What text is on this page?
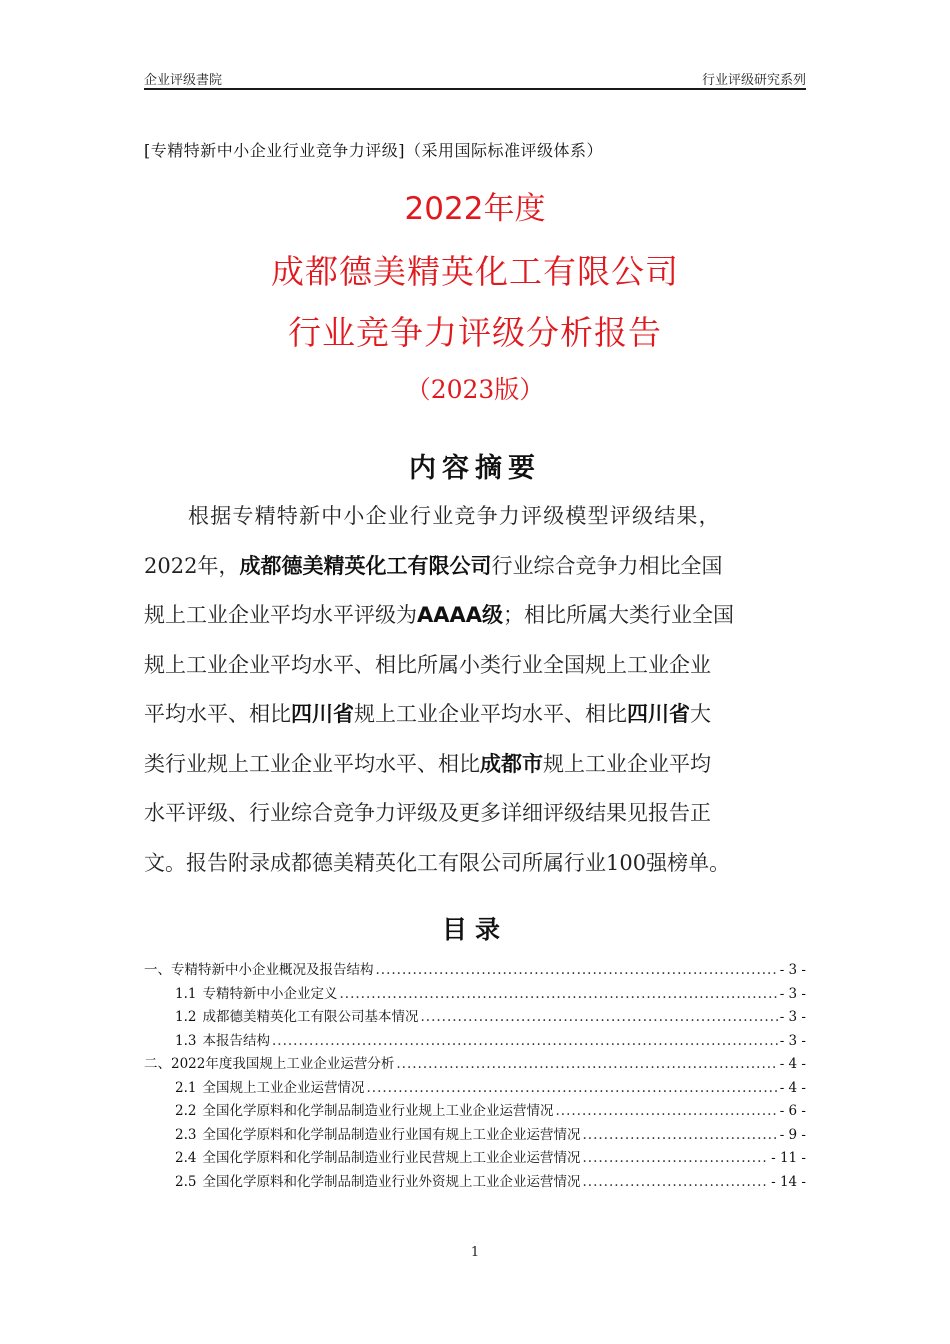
企业评级書院	行业评级研究系列
[专精特新中小企业行业竞争力评级]（采用国际标准评级体系）
2022年度
成都德美精英化工有限公司
行业竞争力评级分析报告
（2023版）
内容摘要
根据专精特新中小企业行业竞争力评级模型评级结果，
2022年，成都德美精英化工有限公司行业综合竞争力相比全国
规上工业企业平均水平评级为AAAA级；相比所属大类行业全国
规上工业企业平均水平、相比所属小类行业全国规上工业企业
平均水平、相比四川省规上工业企业平均水平、相比四川省大
类行业规上工业企业平均水平、相比成都市规上工业企业平均
水平评级、行业综合竞争力评级及更多详细评级结果见报告正
文。报告附录成都德美精英化工有限公司所属行业100强榜单。
目录
一、 专精特新中小企业概况及报告结构 .....	- 3 -
1.1 专精特新中小企业定义 .....	- 3 -
1.2 成都德美精英化工有限公司基本情况 .....	- 3 -
1.3 本报告结构 .....	- 3 -
二、 2022年度我国规上工业企业运营分析 .....	- 4 -
2.1 全国规上工业企业运营情况 .....	- 4 -
2.2 全国化学原料和化学制品制造业行业规上工业企业运营情况 .....	- 6 -
2.3 全国化学原料和化学制品制造业行业国有规上工业企业运营情况 .....	- 9 -
2.4 全国化学原料和化学制品制造业行业民营规上工业企业运营情况 .....	- 11 -
2.5 全国化学原料和化学制品制造业行业外资规上工业企业运营情况 .....	- 14 -
1
